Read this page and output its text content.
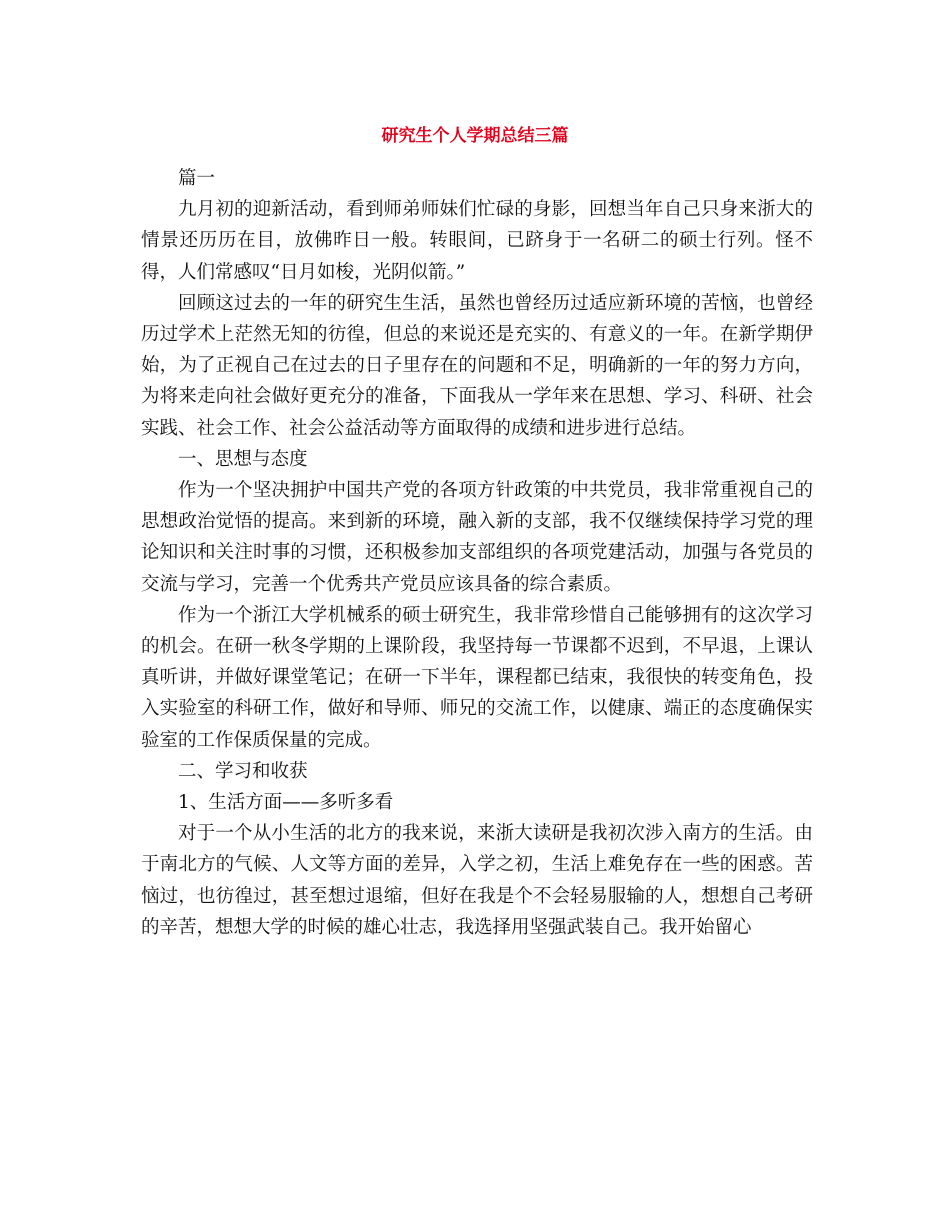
研究生个人学期总结三篇

篇一

九月初的迎新活动，看到师弟师妹们忙碌的身影，回想当年自己只身来浙大的情景还历历在目，放佛昨日一般。转眼间，已跻身于一名研二的硕士行列。怪不得，人们常感叹“日月如梭，光阴似箭。”

回顾这过去的一年的研究生生活，虽然也曾经历过适应新环境的苦恼，也曾经历过学术上茫然无知的彷徨，但总的来说还是充实的、有意义的一年。在新学期伊始，为了正视自己在过去的日子里存在的问题和不足，明确新的一年的努力方向，为将来走向社会做好更充分的准备，下面我从一学年来在思想、学习、科研、社会实践、社会工作、社会公益活动等方面取得的成绩和进步进行总结。

一、思想与态度

作为一个坚决拥护中国共产党的各项方针政策的中共党员，我非常重视自己的思想政治觉悟的提高。来到新的环境，融入新的支部，我不仅继续保持学习党的理论知识和关注时事的习惯，还积极参加支部组织的各项党建活动，加强与各党员的交流与学习，完善一个优秀共产党员应该具备的综合素质。

作为一个浙江大学机械系的硕士研究生，我非常珍惜自己能够拥有的这次学习的机会。在研一秋冬学期的上课阶段，我坚持每一节课都不迟到，不早退，上课认真听讲，并做好课堂笔记；在研一下半年，课程都已结束，我很快的转变角色，投入实验室的科研工作，做好和导师、师兄的交流工作，以健康、端正的态度确保实验室的工作保质保量的完成。

二、学习和收获

1、生活方面——多听多看

对于一个从小生活的北方的我来说，来浙大读研是我初次涉入南方的生活。由于南北方的气候、人文等方面的差异，入学之初，生活上难免存在一些的困惑。苦恼过，也彷徨过，甚至想过退缩，但好在我是个不会轻易服输的人，想想自己考研的辛苦，想想大学的时候的雄心壮志，我选择用坚强武装自己。我开始留心
